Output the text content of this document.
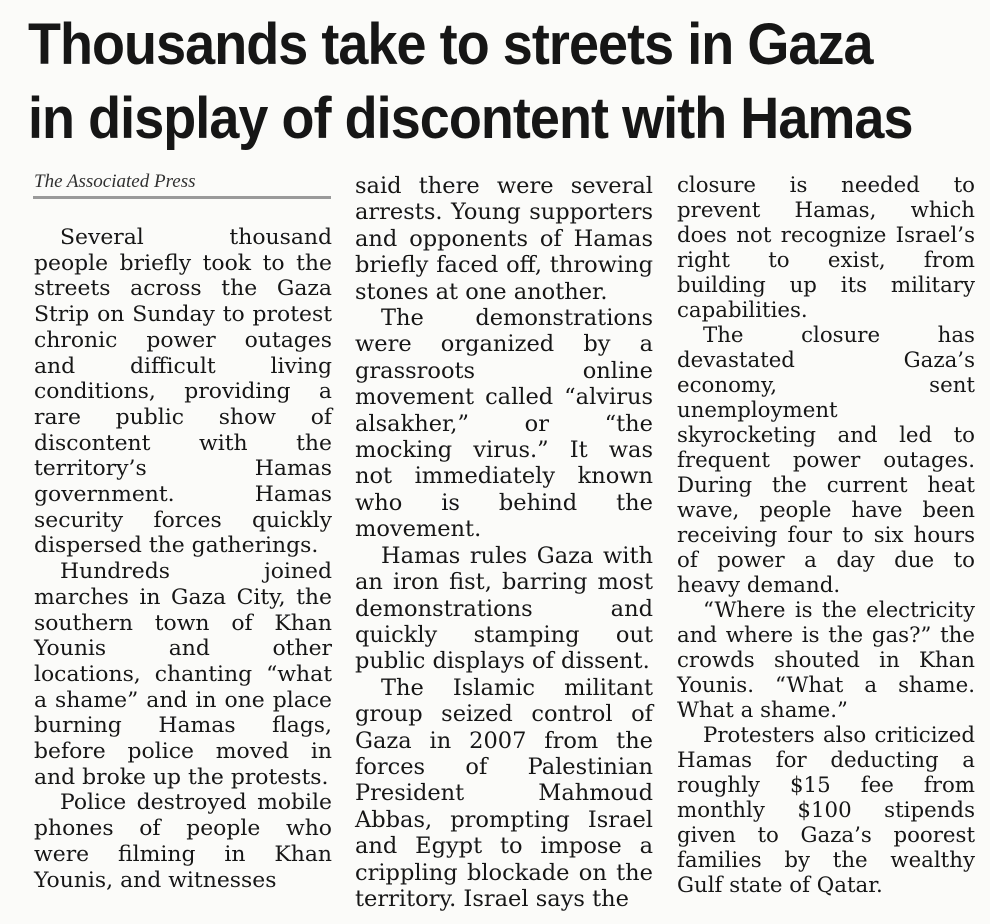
Thousands take to streets in Gaza
in display of discontent with Hamas
The Associated Press

Several thousand people briefly took to the streets across the Gaza Strip on Sunday to protest chronic power outages and difficult living conditions, providing a rare public show of discontent with the territory’s Hamas government. Hamas security forces quickly dispersed the gatherings.

Hundreds joined marches in Gaza City, the southern town of Khan Younis and other locations, chanting “what a shame” and in one place burning Hamas flags, before police moved in and broke up the protests.

Police destroyed mobile phones of people who were filming in Khan Younis, and witnesses

said there were several arrests. Young supporters and opponents of Hamas briefly faced off, throwing stones at one another.

The demonstrations were organized by a grassroots online movement called “alvirus alsakher,” or “the mocking virus.” It was not immediately known who is behind the movement.

Hamas rules Gaza with an iron fist, barring most demonstrations and quickly stamping out public displays of dissent.

The Islamic militant group seized control of Gaza in 2007 from the forces of Palestinian President Mahmoud Abbas, prompting Israel and Egypt to impose a crippling blockade on the territory. Israel says the

closure is needed to prevent Hamas, which does not recognize Israel’s right to exist, from building up its military capabilities.

The closure has devastated Gaza’s economy, sent unemployment skyrocketing and led to frequent power outages. During the current heat wave, people have been receiving four to six hours of power a day due to heavy demand.

“Where is the electricity and where is the gas?” the crowds shouted in Khan Younis. “What a shame. What a shame.”

Protesters also criticized Hamas for deducting a roughly $15 fee from monthly $100 stipends given to Gaza’s poorest families by the wealthy Gulf state of Qatar.
